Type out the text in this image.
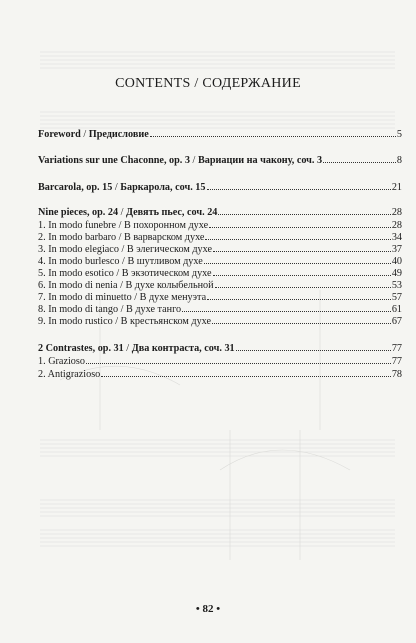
CONTENTS / СОДЕРЖАНИЕ
Foreword / Предисловие	5
Variations sur une Chaconne, op. 3 / Вариации на чакону, соч. 3	8
Barcarola, op. 15 / Баркарола, соч. 15	21
Nine pieces, op. 24 / Девять пьес, соч. 24	28
1. In modo funebre / В похоронном духе	28
2. In modo barbaro / В варварском духе	34
3. In modo elegiaco / В элегическом духе	37
4. In modo burlesco / В шутливом духе	40
5. In modo esotico / В экзотическом духе	49
6. In modo di nenia / В духе колыбельной	53
7. In modo di minuetto / В духе менуэта	57
8. In modo di tango / В духе танго	61
9. In modo rustico / В крестьянском духе	67
2 Contrastes, op. 31 / Два контраста, соч. 31	77
1. Grazioso	77
2. Antigrazioso	78
• 82 •
